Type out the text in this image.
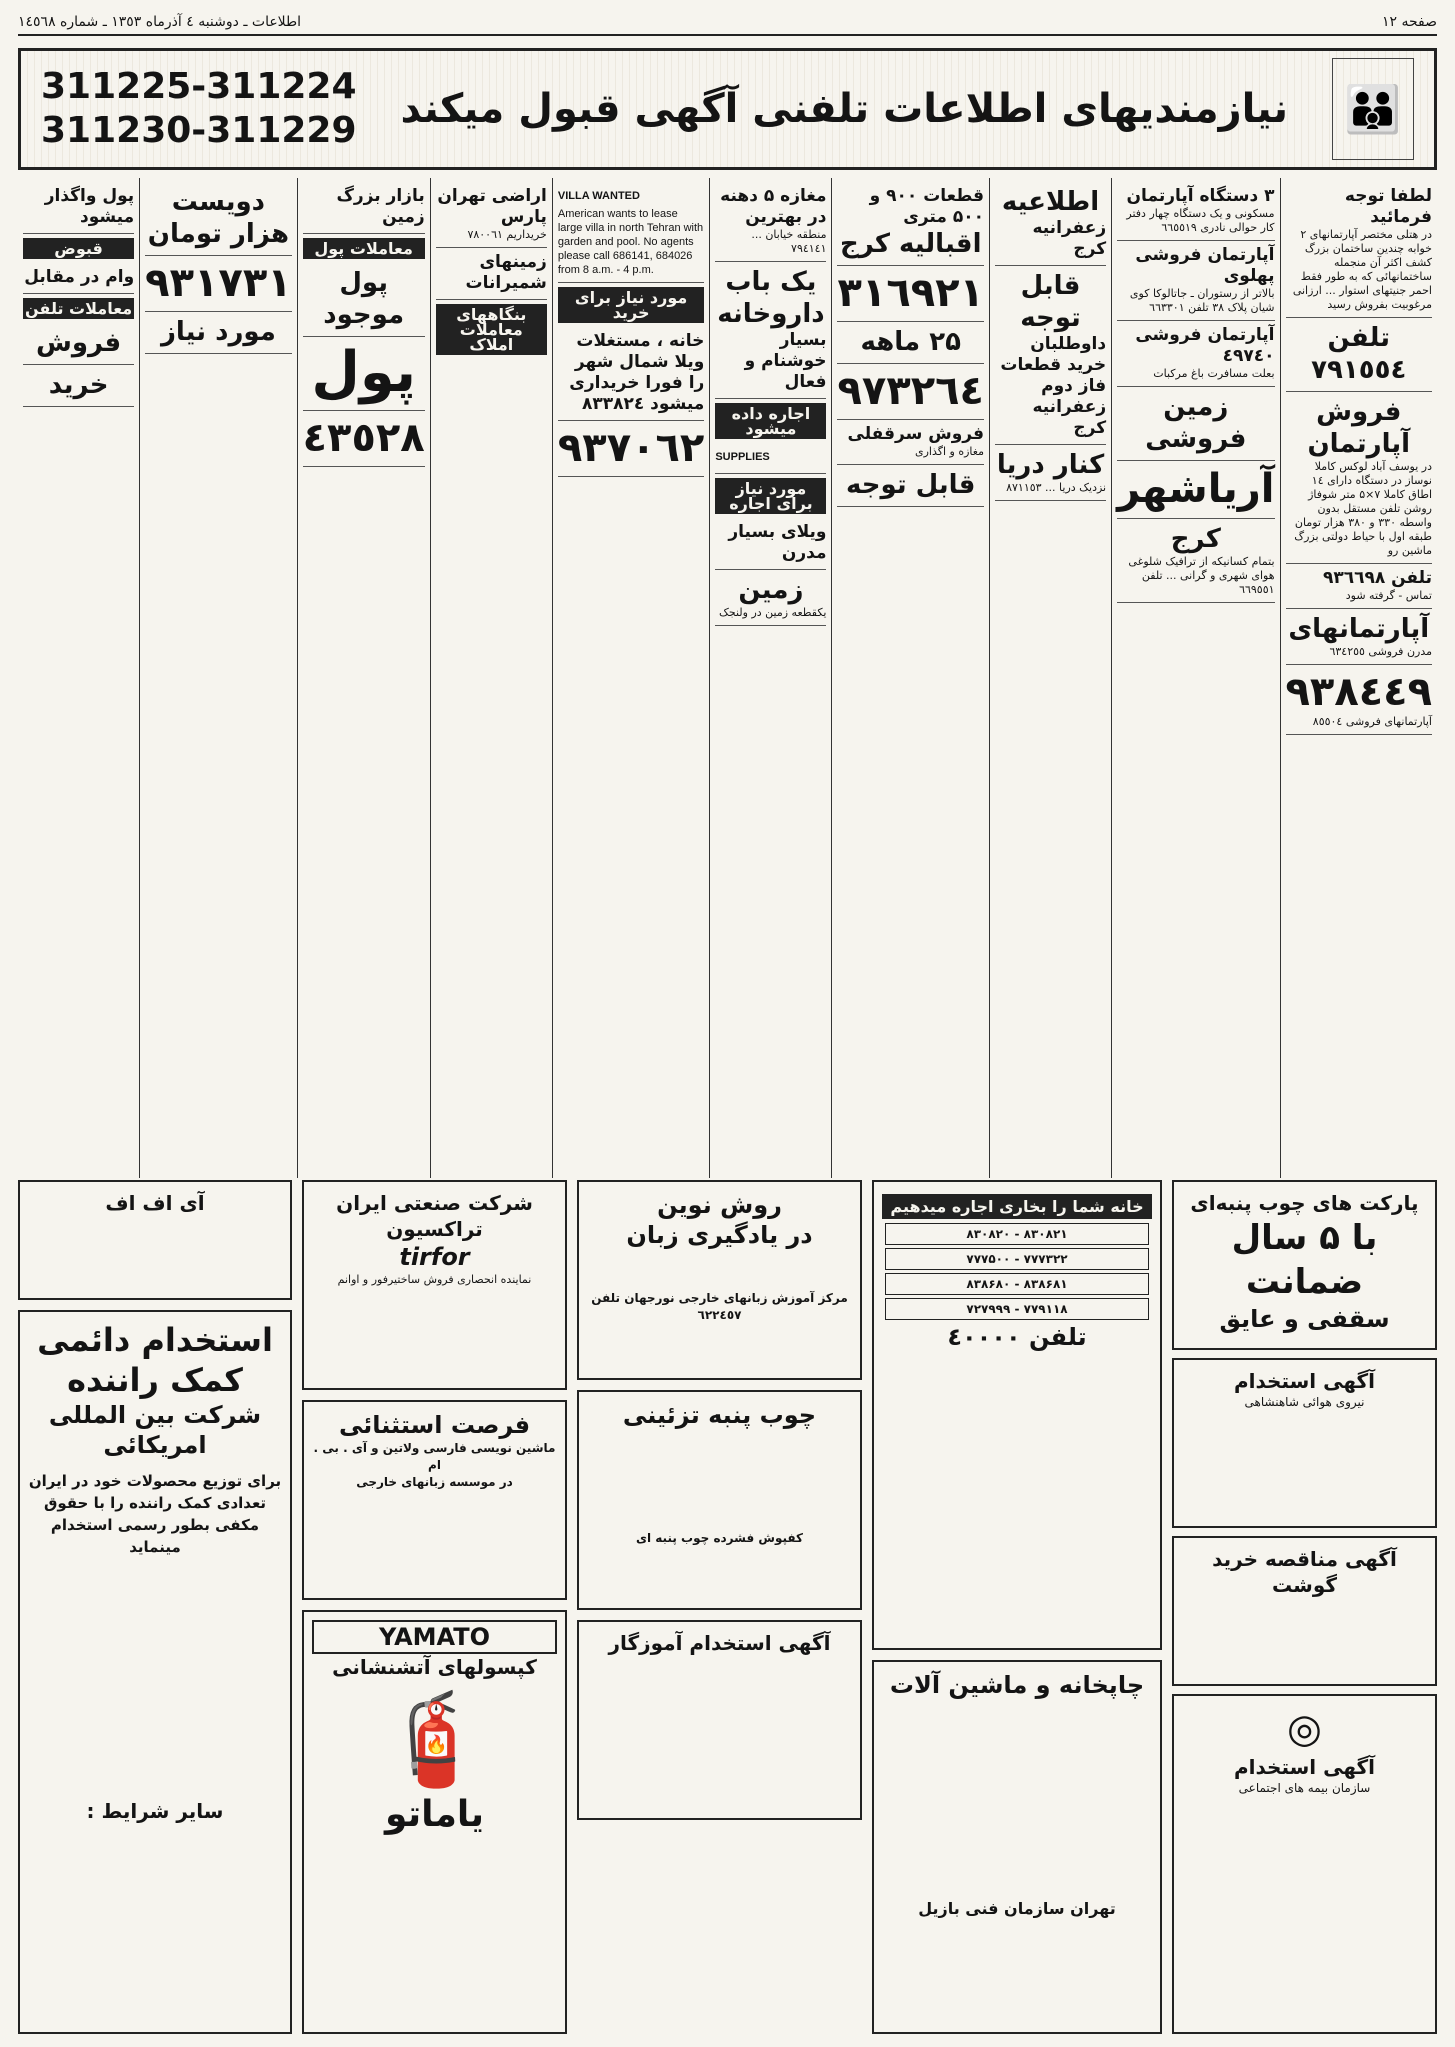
صفحه ۱۲
اطلاعات ـ دوشنبه ٤ آذرماه ١٣٥٣ ـ شماره ١٤٥٦٨
👪
نیازمندیهای اطلاعات تلفنی آگهی قبول میکند
311225-311224
311230-311229
لطفا توجه فرمائید
در هتلی مختصر آپارتمانهای ۲ خوابه چندین ساختمان بزرگ کشف اکثر آن منجمله ساختمانهائی که به طور فقط احمر جنیتهای استوار ... ارزانی مرغوبیت بفروش رسید
تلفن ٧٩١٥٥٤
فروش آپارتمان
در یوسف آباد لوکس کاملا نوساز در دستگاه دارای ۱٤ اطاق کاملا ۷×۵ متر شوفاژ روشن تلفن مستقل بدون واسطه ٣٣٠ و ٣٨٠ هزار تومان طبقه اول با حیاط دولتی بزرگ ماشین رو
تلفن ٩٣٦٦٩٨
تماس - گرفته شود
آپارتمانهای
مدرن فروشی ٦٣٤٢٥٥
٩٣٨٤٤٩
آپارتمانهای فروشی ٨٥٥٠٤
۳ دستگاه آپارتمان
مسکونی و یک دستگاه چهار دفتر کار حوالی نادری ٦٦٥٥١٩
آپارتمان فروشی پهلوی
بالاتر از رستوران ـ جاتالوکا کوی شیان پلاک ۳۸ تلفن ٦٦٣٣٠١
آپارتمان فروشی ٤٩٧٤٠
بعلت مسافرت باغ مرکبات
زمین فروشی
آریاشهر
کرج
بتمام کسانیکه از ترافیک شلوغی هوای شهری و گرانی ... تلفن ٦٦٩٥٥١
اطلاعیه
زعفرانیه کرج
قابل توجه
داوطلبان خرید قطعات فاز دوم زعفرانیه کرج
کنار دریا
نزدیک دریا ... ٨٧١١٥٣
قطعات ۹۰۰ و ۵۰۰ متری
اقبالیه کرج
٣١٦٩٢١
۲۵ ماهه
٩٧٣٢٦٤
فروش سرقفلی
مغازه و اگذاری
قابل توجه
مغازه ۵ دهنه در بهترین
منطقه خیابان ... ٧٩٤١٤١
یک باب داروخانه
بسیار خوشنام و فعال
اجاره داده میشود
SUPPLIES
مورد نیاز برای اجاره
ویلای بسیار مدرن
زمین
یکقطعه زمین در ولنجک
VILLA WANTED
American wants to lease large villa in north Tehran with garden and pool. No agents please call 686141, 684026 from 8 a.m. - 4 p.m.
مورد نیاز برای خرید
خانه ، مستغلات ویلا شمال شهر را فورا خریداری میشود ٨٣٣٨٢٤
٩٣٧٠٦٢
اراضی تهران پارس
خریداریم ٧٨٠٠٦١
زمینهای شمیرانات
بنگاههای معاملات املاک
بازار بزرگ زمین
معاملات پول
پول موجود
پول
٤٣٥٢٨
دویست هزار تومان
٩٣١٧٣١
مورد نیاز
پول واگذار میشود
قبوض
وام در مقابل
معاملات تلفن
فروش
خرید
پارکت های چوب پنبه‌ای
با ۵ سال ضمانت
سقفی و عایق
آگهی استخدام
نیروی هوائی شاهنشاهی
آگهی مناقصه خرید گوشت
◎
آگهی استخدام
سازمان بیمه های اجتماعی
خانه شما را بخاری اجاره میدهیم
۸۳۰۸۲۰ - ۸۳۰۸۲۱
۷۷۷۵۰۰ - ۷۷۷۳۲۲
۸۳۸۶۸۰ - ۸۳۸۶۸۱
۷۲۷۹۹۹ - ۷۷۹۱۱۸
تلفن ٤٠٠٠٠
چاپخانه و ماشین آلات
تهران سازمان فنی بازیل
روش نوین
در یادگیری زبان
مرکز آموزش زبانهای خارجی نورجهان تلفن ٦٢٢٤٥٧
چوب پنبه تزئینی
کفپوش فشرده چوب پنبه ای
آگهی استخدام آموزگار
شرکت صنعتی ایران تراکسیون
tirfor
نماینده انحصاری فروش ساختیرفور و اوانم
فرصت استثنائی
ماشین نویسی فارسی ولاتین و آی . بی . ام
در موسسه زبانهای خارجی
YAMATO
کپسولهای آتشنشانی
🧯
یاماتو
آی اف اف
استخدام دائمی
کمک راننده
شرکت بین المللی امریکائی
برای توزیع محصولات خود در ایران تعدادی کمک راننده را با حقوق مکفی بطور رسمی استخدام مینماید
سایر شرایط :
